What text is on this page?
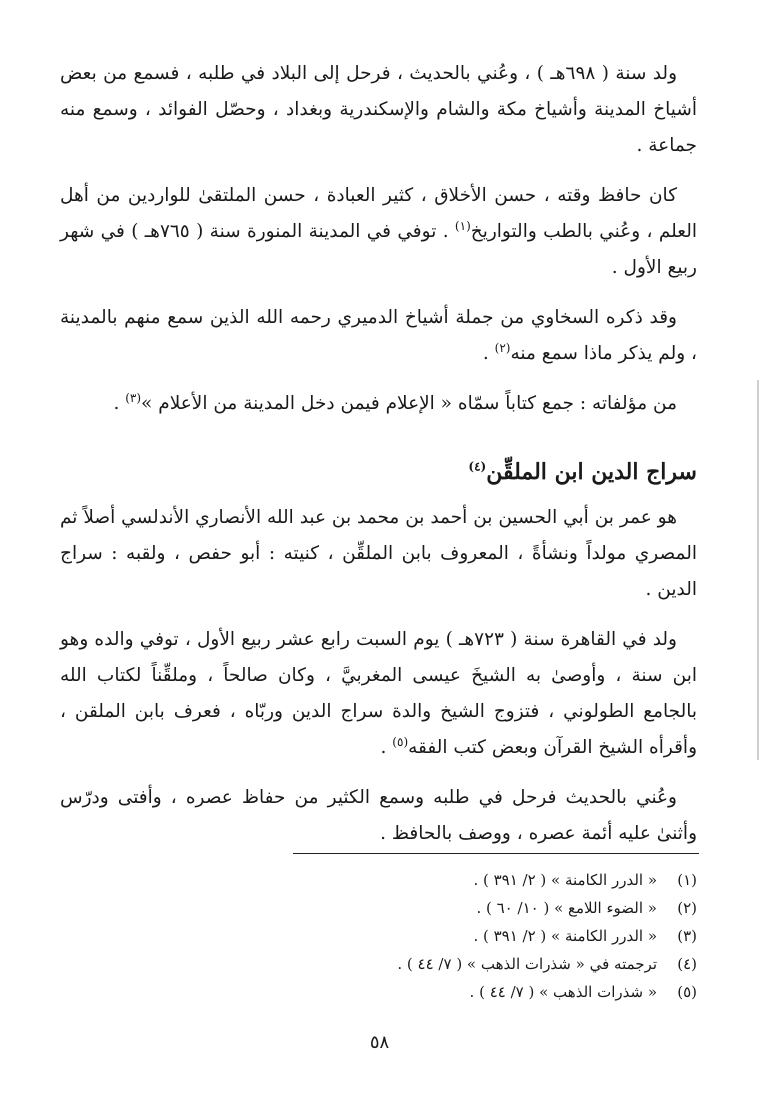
ولد سنة ( ٦٩٨هـ ) ، وعُني بالحديث ، فرحل إلى البلاد في طلبه ، فسمع من بعض أشياخ المدينة وأشياخ مكة والشام والإسكندرية وبغداد ، وحصّل الفوائد ، وسمع منه جماعة .

كان حافظ وقته ، حسن الأخلاق ، كثير العبادة ، حسن الملتقىٰ للواردين من أهل العلم ، وعُني بالطب والتواريخ$^{(١)}$ . توفي في المدينة المنورة سنة ( ٧٦٥هـ ) في شهر ربيع الأول .

وقد ذكره السخاوي من جملة أشياخ الدميري رحمه الله الذين سمع منهم بالمدينة ، ولم يذكر ماذا سمع منه$^{(٢)}$ .

من مؤلفاته : جمع كتاباً سمّاه « الإعلام فيمن دخل المدينة من الأعلام »$^{(٣)}$ .

سراج الدين ابن الملقِّن$^{(٤)}$

هو عمر بن أبي الحسين بن أحمد بن محمد بن عبد الله الأنصاري الأندلسي أصلاً ثم المصري مولداً ونشأةً ، المعروف بابن الملقِّن ، كنيته : أبو حفص ، ولقبه : سراج الدين .

ولد في القاهرة سنة ( ٧٢٣هـ ) يوم السبت رابع عشر ربيع الأول ، توفي والده وهو ابن سنة ، وأوصىٰ به الشيخَ عيسى المغربيَّ ، وكان صالحاً ، وملقِّناً لكتاب الله بالجامع الطولوني ، فتزوج الشيخ والدة سراج الدين وربّاه ، فعرف بابن الملقن ، وأقرأه الشيخ القرآن وبعض كتب الفقه$^{(٥)}$ .

وعُني بالحديث فرحل في طلبه وسمع الكثير من حفاظ عصره ، وأفتى ودرّس وأثنىٰ عليه أئمة عصره ، ووصف بالحافظ .

(١)
« الدرر الكامنة » ( ٢/ ٣٩١ ) .
(٢)
« الضوء اللامع » ( ١٠/ ٦٠ ) .
(٣)
« الدرر الكامنة » ( ٢/ ٣٩١ ) .
(٤)
ترجمته في « شذرات الذهب » ( ٧/ ٤٤ ) .
(٥)
« شذرات الذهب » ( ٧/ ٤٤ ) .
٥٨
